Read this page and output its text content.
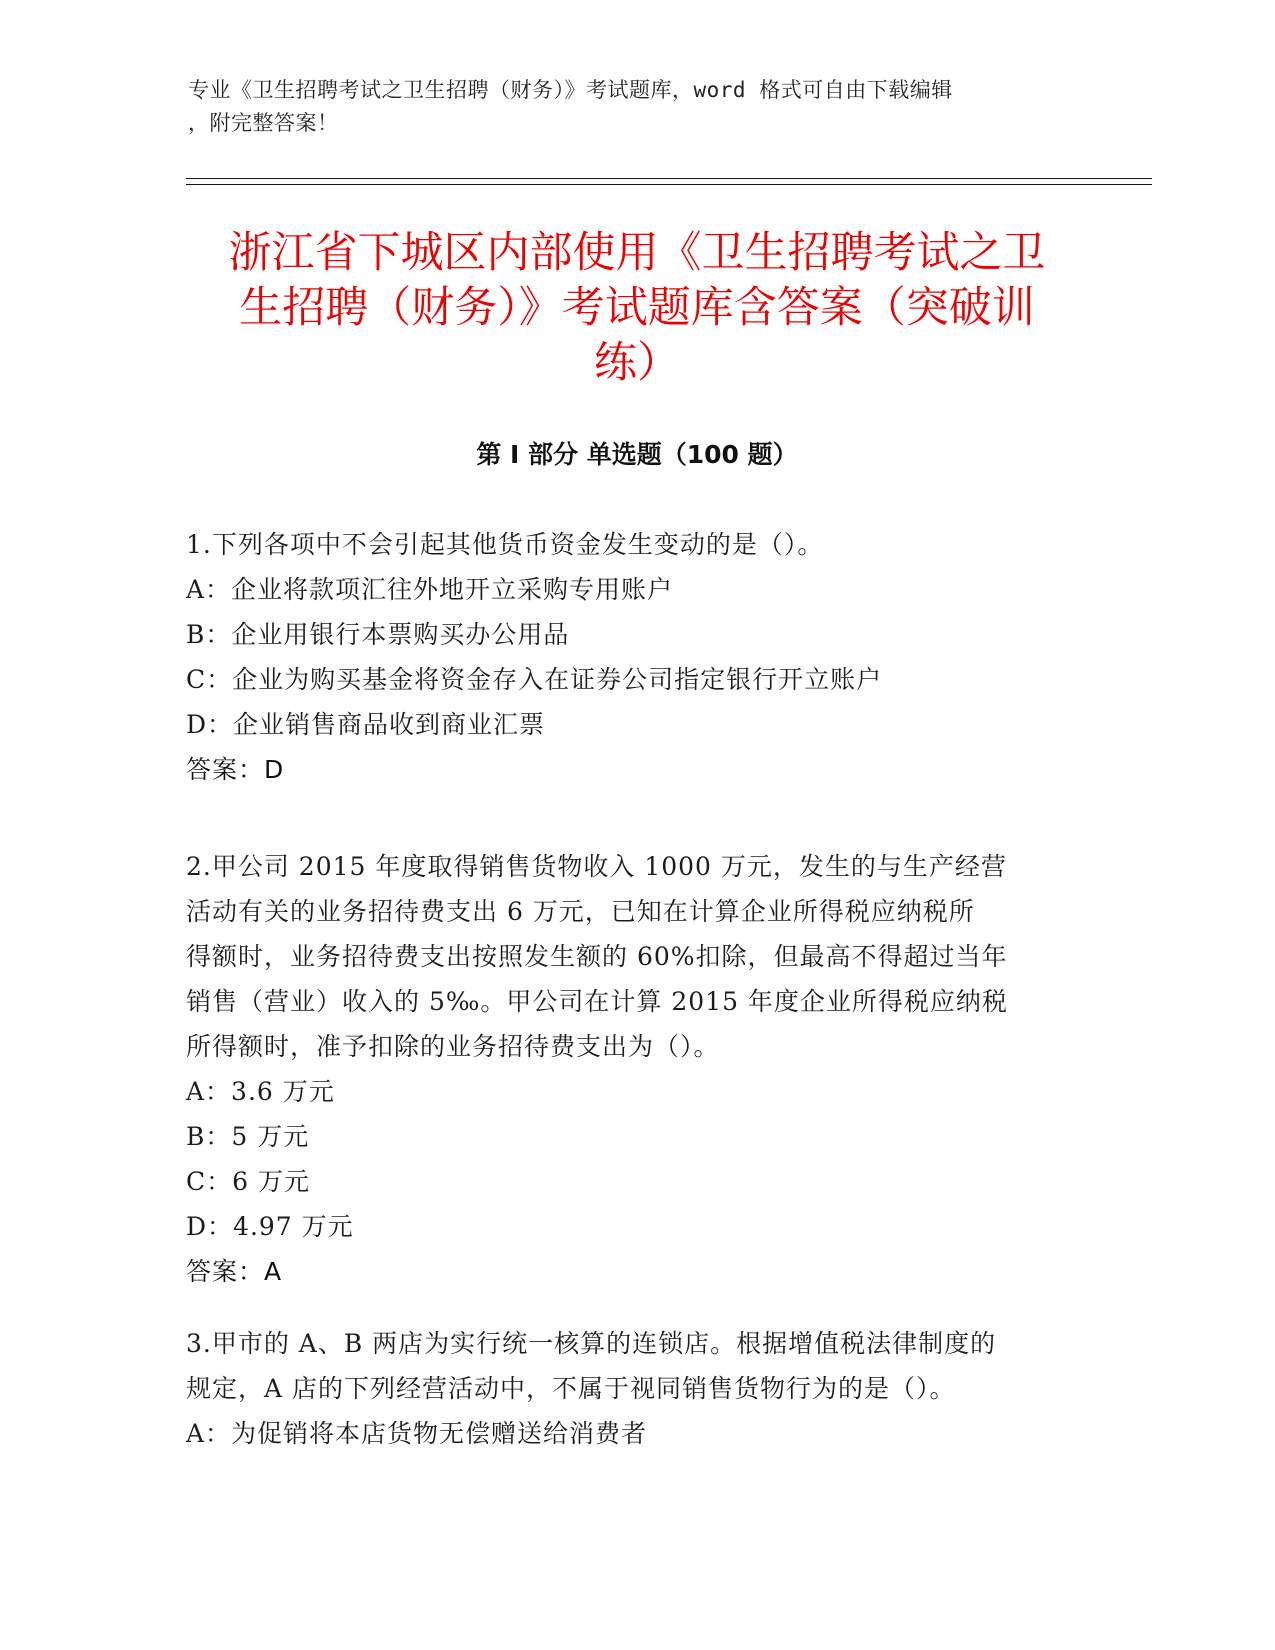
专业《卫生招聘考试之卫生招聘（财务）》考试题库，word 格式可自由下载编辑
，附完整答案！
浙江省下城区内部使用《卫生招聘考试之卫
生招聘（财务）》考试题库含答案（突破训
练）
第 I 部分 单选题（100 题）

1.下列各项中不会引起其他货币资金发生变动的是（）。

A：企业将款项汇往外地开立采购专用账户

B：企业用银行本票购买办公用品

C：企业为购买基金将资金存入在证券公司指定银行开立账户

D：企业销售商品收到商业汇票

答案：D

2.甲公司 2015 年度取得销售货物收入 1000 万元，发生的与生产经营

活动有关的业务招待费支出 6 万元，已知在计算企业所得税应纳税所

得额时，业务招待费支出按照发生额的 60%扣除，但最高不得超过当年

销售（营业）收入的 5‰。甲公司在计算 2015 年度企业所得税应纳税

所得额时，准予扣除的业务招待费支出为（）。

A：3.6 万元

B：5 万元

C：6 万元

D：4.97 万元

答案：A

3.甲市的 A、B 两店为实行统一核算的连锁店。根据增值税法律制度的

规定，A 店的下列经营活动中，不属于视同销售货物行为的是（）。

A：为促销将本店货物无偿赠送给消费者
